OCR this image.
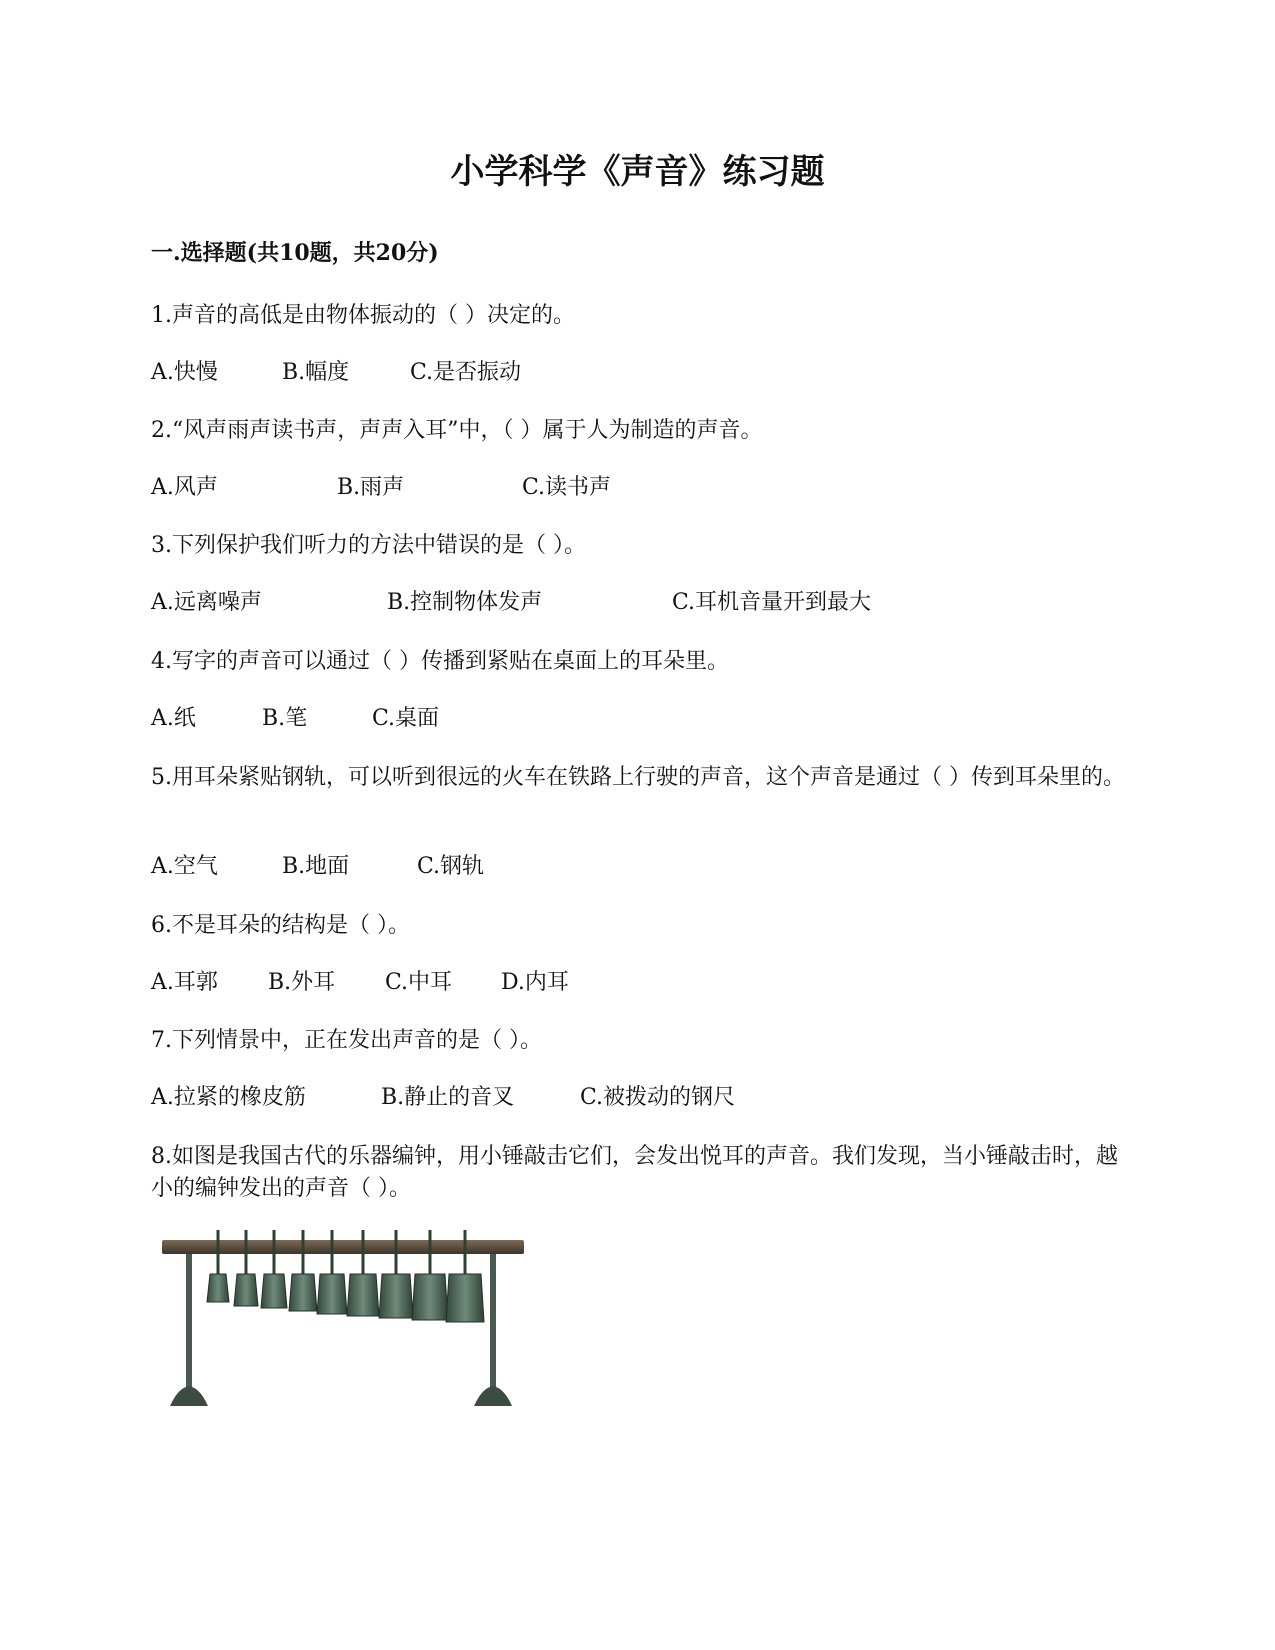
小学科学《声音》练习题
一.选择题(共10题，共20分)
1.声音的高低是由物体振动的（ ）决定的。
A.快慢	B.幅度	C.是否振动
2.“风声雨声读书声，声声入耳”中，（ ）属于人为制造的声音。
A.风声	B.雨声	C.读书声
3.下列保护我们听力的方法中错误的是（ ）。
A.远离噪声	B.控制物体发声	C.耳机音量开到最大
4.写字的声音可以通过（ ）传播到紧贴在桌面上的耳朵里。
A.纸	B.笔	C.桌面
5.用耳朵紧贴钢轨，可以听到很远的火车在铁路上行驶的声音，这个声音是通过（ ）传到耳朵里的。
A.空气	B.地面	C.钢轨
6.不是耳朵的结构是（ ）。
A.耳郭 B.外耳 C.中耳 D.内耳
7.下列情景中，正在发出声音的是（ ）。
A.拉紧的橡皮筋	B.静止的音叉	C.被拨动的钢尺
8.如图是我国古代的乐器编钟，用小锤敲击它们，会发出悦耳的声音。我们发现，当小锤敲击时，越小的编钟发出的声音（ ）。
